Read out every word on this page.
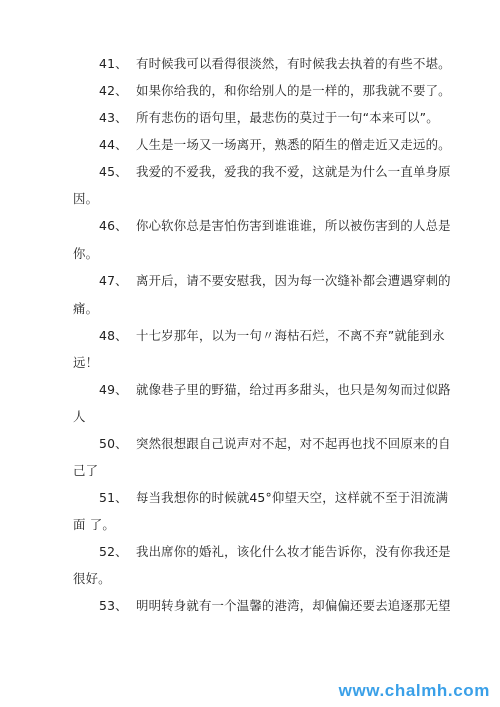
41、 有时候我可以看得很淡然，有时候我去执着的有些不堪。
42、 如果你给我的，和你给别人的是一样的，那我就不要了。
43、 所有悲伤的语句里，最悲伤的莫过于一句“本来可以”。
44、 人生是一场又一场离开，熟悉的陌生的僧走近又走远的。
45、 我爱的不爱我，爱我的我不爱，这就是为什么一直单身原
因。
46、 你心软你总是害怕伤害到谁谁谁，所以被伤害到的人总是
你。
47、 离开后，请不要安慰我，因为每一次缝补都会遭遇穿刺的
痛。
48、 十七岁那年，以为一句〃海枯石烂，不离不弃”就能到永
远！
49、 就像巷子里的野猫，给过再多甜头，也只是匆匆而过似路
人
50、 突然很想跟自己说声对不起，对不起再也找不回原来的自
己了
51、 每当我想你的时候就45°仰望天空，这样就不至于泪流满
面 了。
52、 我出席你的婚礼，该化什么妆才能告诉你，没有你我还是
很好。
53、 明明转身就有一个温馨的港湾，却偏偏还要去追逐那无望
www.chalmh.com
